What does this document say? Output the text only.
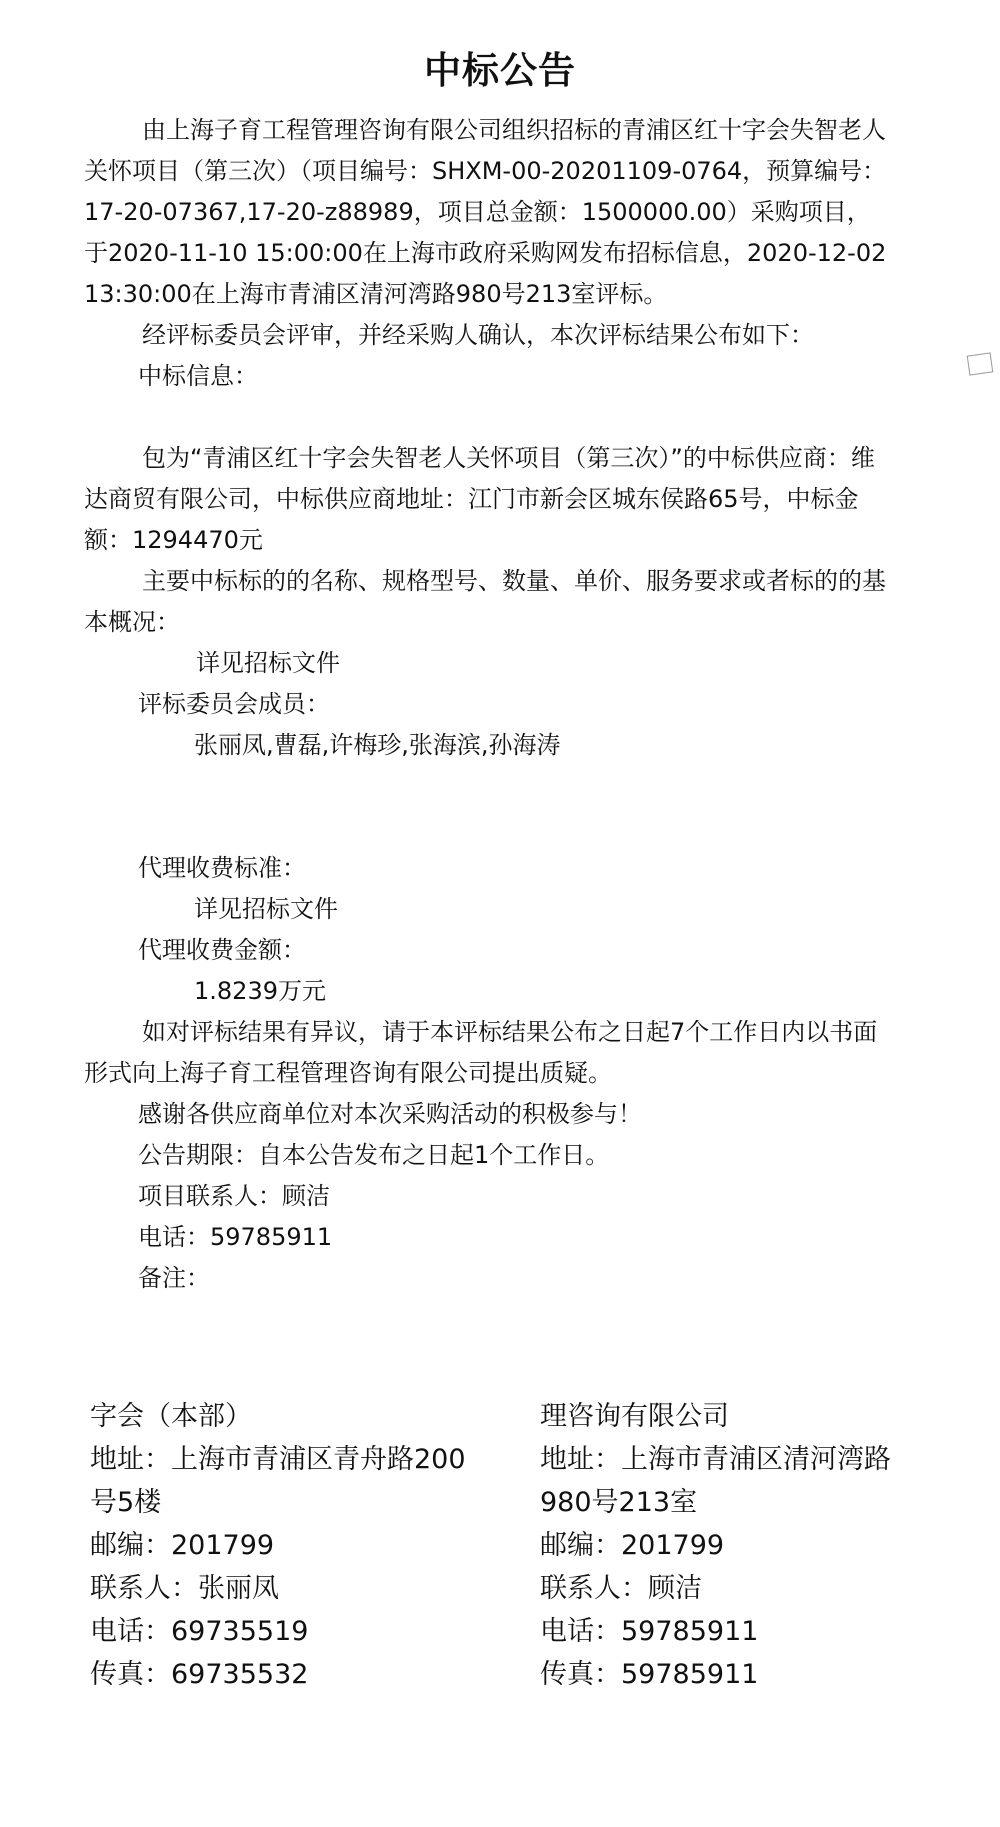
中标公告

由上海子育工程管理咨询有限公司组织招标的青浦区红十字会失智老人关怀项目（第三次）（项目编号：SHXM-00-20201109-0764，预算编号：17-20-07367,17-20-z88989，项目总金额：1500000.00）采购项目，于2020-11-10 15:00:00在上海市政府采购网发布招标信息，2020-12-02 13:30:00在上海市青浦区清河湾路980号213室评标。

经评标委员会评审，并经采购人确认，本次评标结果公布如下：

中标信息：

包为“青浦区红十字会失智老人关怀项目（第三次）”的中标供应商：维达商贸有限公司，中标供应商地址：江门市新会区城东侯路65号，中标金额：1294470元

主要中标标的的名称、规格型号、数量、单价、服务要求或者标的的基本概况：

详见招标文件

评标委员会成员：

张丽凤,曹磊,许梅珍,张海滨,孙海涛

代理收费标准：

详见招标文件

代理收费金额：

1.8239万元

如对评标结果有异议，请于本评标结果公布之日起7个工作日内以书面形式向上海子育工程管理咨询有限公司提出质疑。

感谢各供应商单位对本次采购活动的积极参与！

公告期限：自本公告发布之日起1个工作日。

项目联系人：顾洁

电话：59785911

备注：

字会（本部）
地址：上海市青浦区青舟路200号5楼
邮编：201799
联系人：张丽凤
电话：69735519
传真：69735532
理咨询有限公司
地址：上海市青浦区清河湾路980号213室
邮编：201799
联系人：顾洁
电话：59785911
传真：59785911
